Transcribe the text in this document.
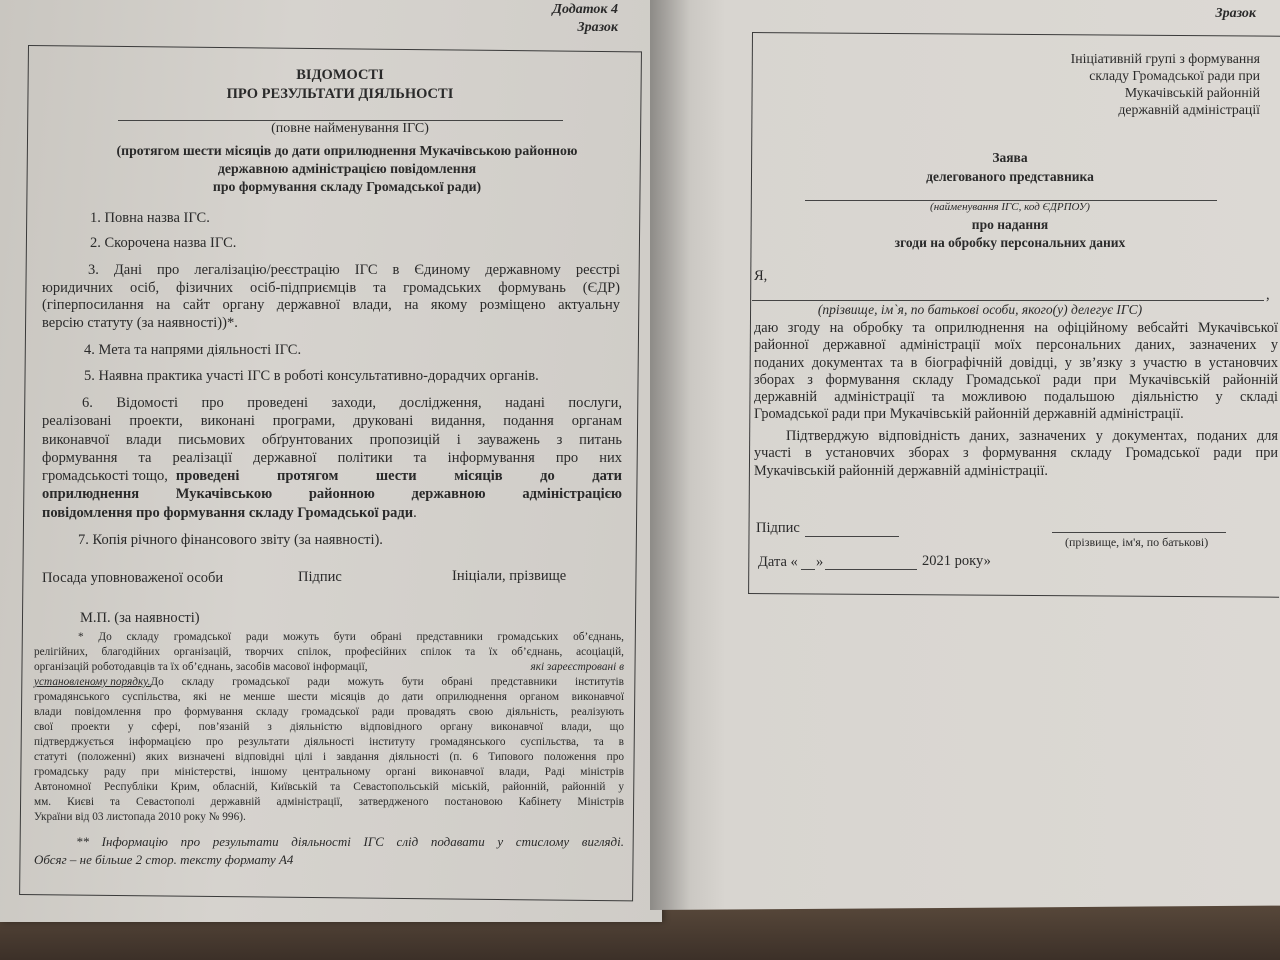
Додаток 4
Зразок
ВІДОМОСТІ
ПРО РЕЗУЛЬТАТИ ДІЯЛЬНОСТІ
(повне найменування ІГС)
(протягом шести місяців до дати оприлюднення Мукачівською районною
державною адміністрацією повідомлення
про формування складу Громадської ради)
1. Повна назва ІГС.
2. Скорочена назва ІГС.
3. Дані про легалізацію/реєстрацію ІГС в Єдиному державному реєстрі
юридичних осіб, фізичних осіб-підприємців та громадських формувань (ЄДР)
(гіперпосилання на сайт органу державної влади, на якому розміщено актуальну
версію статуту (за наявності))*.
4. Мета та напрями діяльності ІГС.
5. Наявна практика участі ІГС в роботі консультативно-дорадчих органів.
6. Відомості про проведені заходи, дослідження, надані послуги,
реалізовані проекти, виконані програми, друковані видання, подання органам
виконавчої влади письмових обґрунтованих пропозицій і зауважень з питань
формування та реалізації державної політики та інформування про них
громадськості тощо, проведені протягом шести місяців до дати
оприлюднення Мукачівською районною державною адміністрацією
повідомлення про формування складу Громадської ради.
7. Копія річного фінансового звіту (за наявності).
Посада уповноваженої особи	Підпис	Ініціали, прізвище
М.П. (за наявності)
* До складу громадської ради можуть бути обрані представники громадських об’єднань,
релігійних, благодійних організацій, творчих спілок, професійних спілок та їх об’єднань, асоціацій,
організацій роботодавців та їх об’єднань, засобів масової інформації,	які зареєстровані в
установленому порядку. До складу громадської ради можуть бути обрані представники інститутів
громадянського суспільства, які не менше шести місяців до дати оприлюднення органом виконавчої
влади повідомлення про формування складу громадської ради провадять свою діяльність, реалізують
свої проекти у сфері, пов’язаній з діяльністю відповідного органу виконавчої влади, що
підтверджується інформацією про результати діяльності інституту громадянського суспільства, та в
статуті (положенні) яких визначені відповідні цілі і завдання діяльності (п. 6 Типового положення про
громадську раду при міністерстві, іншому центральному органі виконавчої влади, Раді міністрів
Автономної Республіки Крим, обласній, Київській та Севастопольській міській, районній, районній у
мм. Києві та Севастополі державній адміністрації, затвердженого постановою Кабінету Міністрів
України від 03 листопада 2010 року № 996).
** Інформацію про результати діяльності ІГС слід подавати у стислому вигляді.
Обсяг – не більше 2 стор. тексту формату А4
Зразок
Ініціативній групі з формування
складу Громадської ради при
Мукачівській районній
державній адміністрації
Заява
делегованого представника
(найменування ІГС, код ЄДРПОУ)
про надання
згоди на обробку персональних даних
Я,
,
(прізвище, ім`я, по батькові особи, якого(у) делегує ІГС)
даю згоду на обробку та оприлюднення на офіційному вебсайті Мукачівської
районної державної адміністрації моїх персональних даних, зазначених у
поданих документах та в біографічній довідці, у зв’язку з участю в установчих
зборах з формування складу Громадської ради при Мукачівській районній
державній адміністрації та можливою подальшою діяльністю у складі
Громадської ради при Мукачівській районній державній адміністрації.
Підтверджую відповідність даних, зазначених у документах, поданих для
участі в установчих зборах з формування складу Громадської ради при
Мукачівській районній державній адміністрації.
Підпис
(прізвище, ім'я, по батькові)
Дата « »	2021 року»
